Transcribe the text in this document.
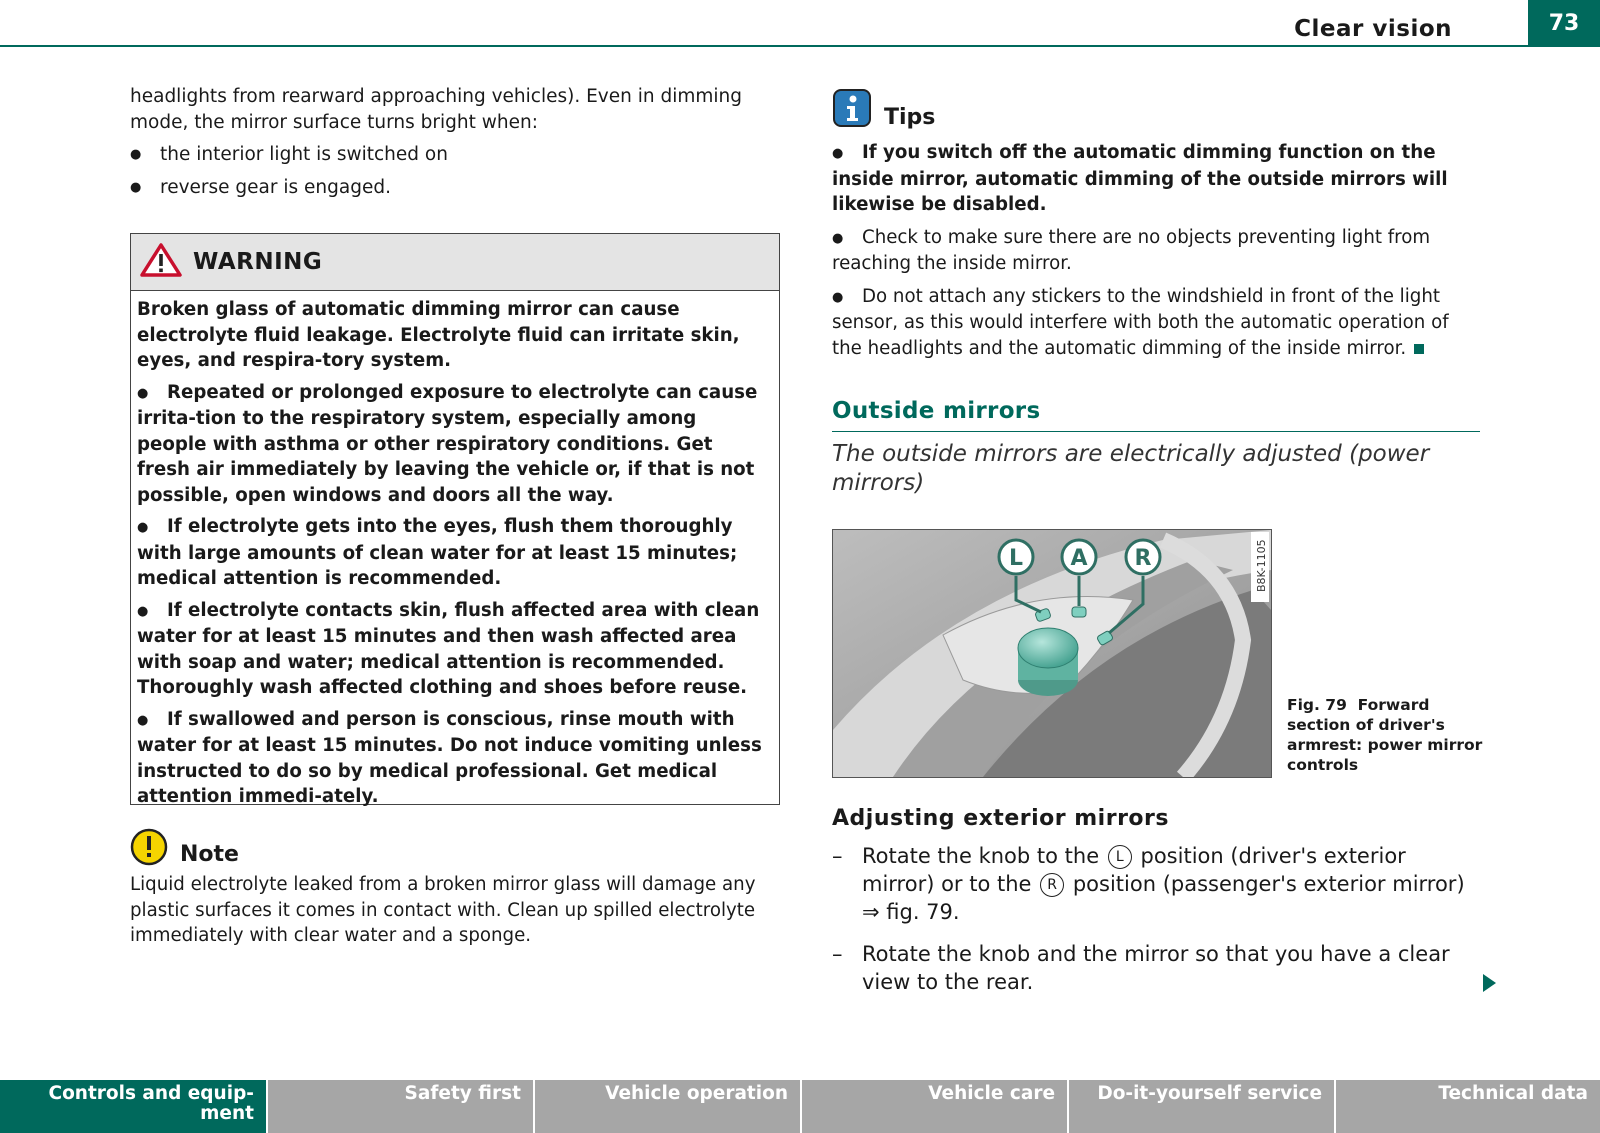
Clear vision	73

headlights from rearward approaching vehicles). Even in dimming mode, the mirror surface turns bright when:

● the interior light is switched on
● reverse gear is engaged.
WARNING

Broken glass of automatic dimming mirror can cause electrolyte fluid leakage. Electrolyte fluid can irritate skin, eyes, and respira-tory system.

● Repeated or prolonged exposure to electrolyte can cause irrita-tion to the respiratory system, especially among people with asthma or other respiratory conditions. Get fresh air immediately by leaving the vehicle or, if that is not possible, open windows and doors all the way.

● If electrolyte gets into the eyes, flush them thoroughly with large amounts of clean water for at least 15 minutes; medical attention is recommended.

● If electrolyte contacts skin, flush affected area with clean water for at least 15 minutes and then wash affected area with soap and water; medical attention is recommended. Thoroughly wash affected clothing and shoes before reuse.

● If swallowed and person is conscious, rinse mouth with water for at least 15 minutes. Do not induce vomiting unless instructed to do so by medical professional. Get medical attention immedi-ately.

Note

Liquid electrolyte leaked from a broken mirror glass will damage any plastic surfaces it comes in contact with. Clean up spilled electrolyte immediately with clear water and a sponge.

Tips

● If you switch off the automatic dimming function on the inside mirror, automatic dimming of the outside mirrors will likewise be disabled.

● Check to make sure there are no objects preventing light from reaching the inside mirror.

● Do not attach any stickers to the windshield in front of the light sensor, as this would interfere with both the automatic operation of the headlights and the automatic dimming of the inside mirror.

Outside mirrors
The outside mirrors are electrically adjusted (power mirrors)
L A R	B8K-1105
Fig. 79 Forward section of driver's armrest: power mirror controls
Adjusting exterior mirrors
– Rotate the knob to the L position (driver's exterior mirror) or to the R position (passenger's exterior mirror) ⇒ fig. 79.
– Rotate the knob and the mirror so that you have a clear view to the rear.
Controls and equip-ment
Safety first	Vehicle operation	Vehicle care	Do-it-yourself service	Technical data
